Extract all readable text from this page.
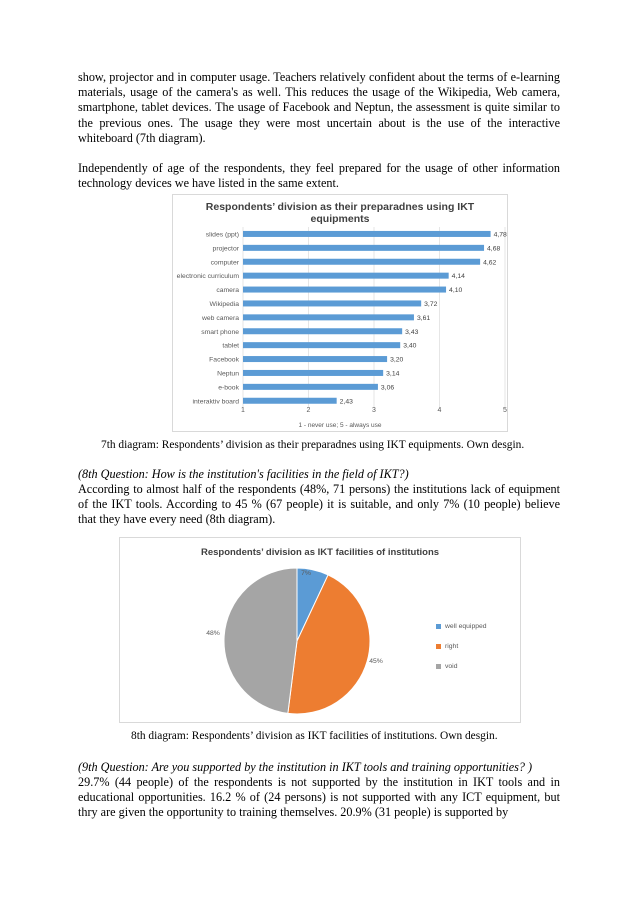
show, projector and in computer usage. Teachers relatively confident about the terms of e-learning materials, usage of the camera's as well. This reduces the usage of the Wikipedia, Web camera, smartphone, tablet devices. The usage of Facebook and Neptun, the assessment is quite similar to the previous ones. The usage they were most uncertain about is the use of the interactive whiteboard (7th diagram).

Independently of age of the respondents, they feel prepared for the usage of other information technology devices we have listed in the same extent.

Respondents’ division as their preparadnes using IKT
equipments
slides (ppt)
projector
computer
electronic curriculum
camera
Wikipedia
web camera
smart phone
tablet
Facebook
Neptun
e-book
interaktiv board
4,78
4,68
4,62
4,14
4,10
3,72
3,61
3,43
3,40
3,20
3,14
3,06
2,43
1	2	3	4	5
1 - never use; 5 - always use
7th diagram: Respondents’ division as their preparadnes using IKT equipments. Own desgin.

(8th Question: How is the institution's facilities in the field of IKT?)

According to almost half of the respondents (48%, 71 persons) the institutions lack of equipment of the IKT tools. According to 45 % (67 people) it is suitable, and only 7% (10 people) believe that they have every need (8th diagram).

Respondents’ division as IKT facilities of institutions
7%
45%
48%
well equipped
right
void
8th diagram: Respondents’ division as IKT facilities of institutions. Own desgin.

(9th Question: Are you supported by the institution in IKT tools and training opportunities? )

29.7% (44 people) of the respondents is not supported by the institution in IKT tools and in educational opportunities. 16.2 % of (24 persons) is not supported with any ICT equipment, but thry are given the opportunity to training themselves. 20.9% (31 people) is supported by
